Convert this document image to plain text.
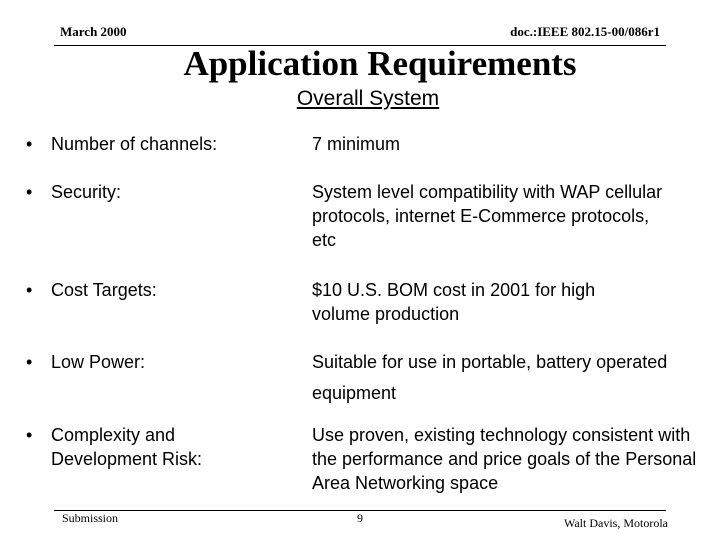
March 2000	doc.:IEEE 802.15-00/086r1
Application Requirements
Overall System
• Number of channels:	7 minimum
• Security:	System level compatibility with WAP cellular protocols, internet E-Commerce protocols, etc
• Cost Targets:	$10 U.S. BOM cost in 2001 for high volume production
• Low Power:	Suitable for use in portable, battery operated equipment
• Complexity and Development Risk:
Use proven, existing technology consistent with the performance and price goals of the Personal Area Networking space
Submission	9	Walt Davis, Motorola
